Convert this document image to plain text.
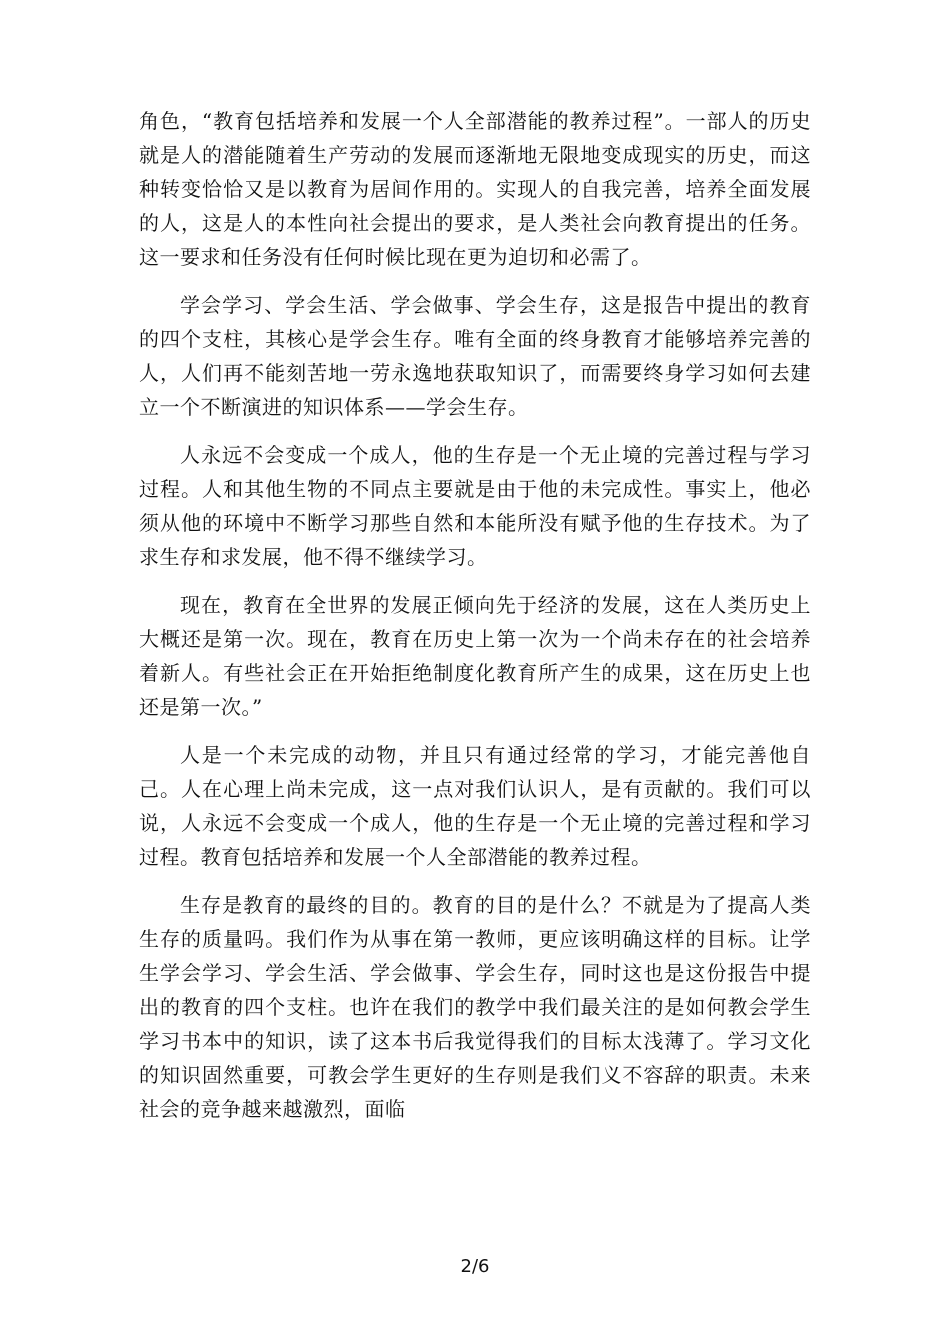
角色，“教育包括培养和发展一个人全部潜能的教养过程”。一部人的历史就是人的潜能随着生产劳动的发展而逐渐地无限地变成现实的历史，而这种转变恰恰又是以教育为居间作用的。实现人的自我完善，培养全面发展的人，这是人的本性向社会提出的要求，是人类社会向教育提出的任务。这一要求和任务没有任何时候比现在更为迫切和必需了。

学会学习、学会生活、学会做事、学会生存，这是报告中提出的教育的四个支柱，其核心是学会生存。唯有全面的终身教育才能够培养完善的人，人们再不能刻苦地一劳永逸地获取知识了，而需要终身学习如何去建立一个不断演进的知识体系——学会生存。

人永远不会变成一个成人，他的生存是一个无止境的完善过程与学习过程。人和其他生物的不同点主要就是由于他的未完成性。事实上，他必须从他的环境中不断学习那些自然和本能所没有赋予他的生存技术。为了求生存和求发展，他不得不继续学习。

现在，教育在全世界的发展正倾向先于经济的发展，这在人类历史上大概还是第一次。现在，教育在历史上第一次为一个尚未存在的社会培养着新人。有些社会正在开始拒绝制度化教育所产生的成果，这在历史上也还是第一次。”

人是一个未完成的动物，并且只有通过经常的学习，才能完善他自己。人在心理上尚未完成，这一点对我们认识人，是有贡献的。我们可以说，人永远不会变成一个成人，他的生存是一个无止境的完善过程和学习过程。教育包括培养和发展一个人全部潜能的教养过程。

生存是教育的最终的目的。教育的目的是什么？不就是为了提高人类生存的质量吗。我们作为从事在第一教师，更应该明确这样的目标。让学生学会学习、学会生活、学会做事、学会生存，同时这也是这份报告中提出的教育的四个支柱。也许在我们的教学中我们最关注的是如何教会学生学习书本中的知识，读了这本书后我觉得我们的目标太浅薄了。学习文化的知识固然重要，可教会学生更好的生存则是我们义不容辞的职责。未来社会的竞争越来越激烈，面临

2/6
